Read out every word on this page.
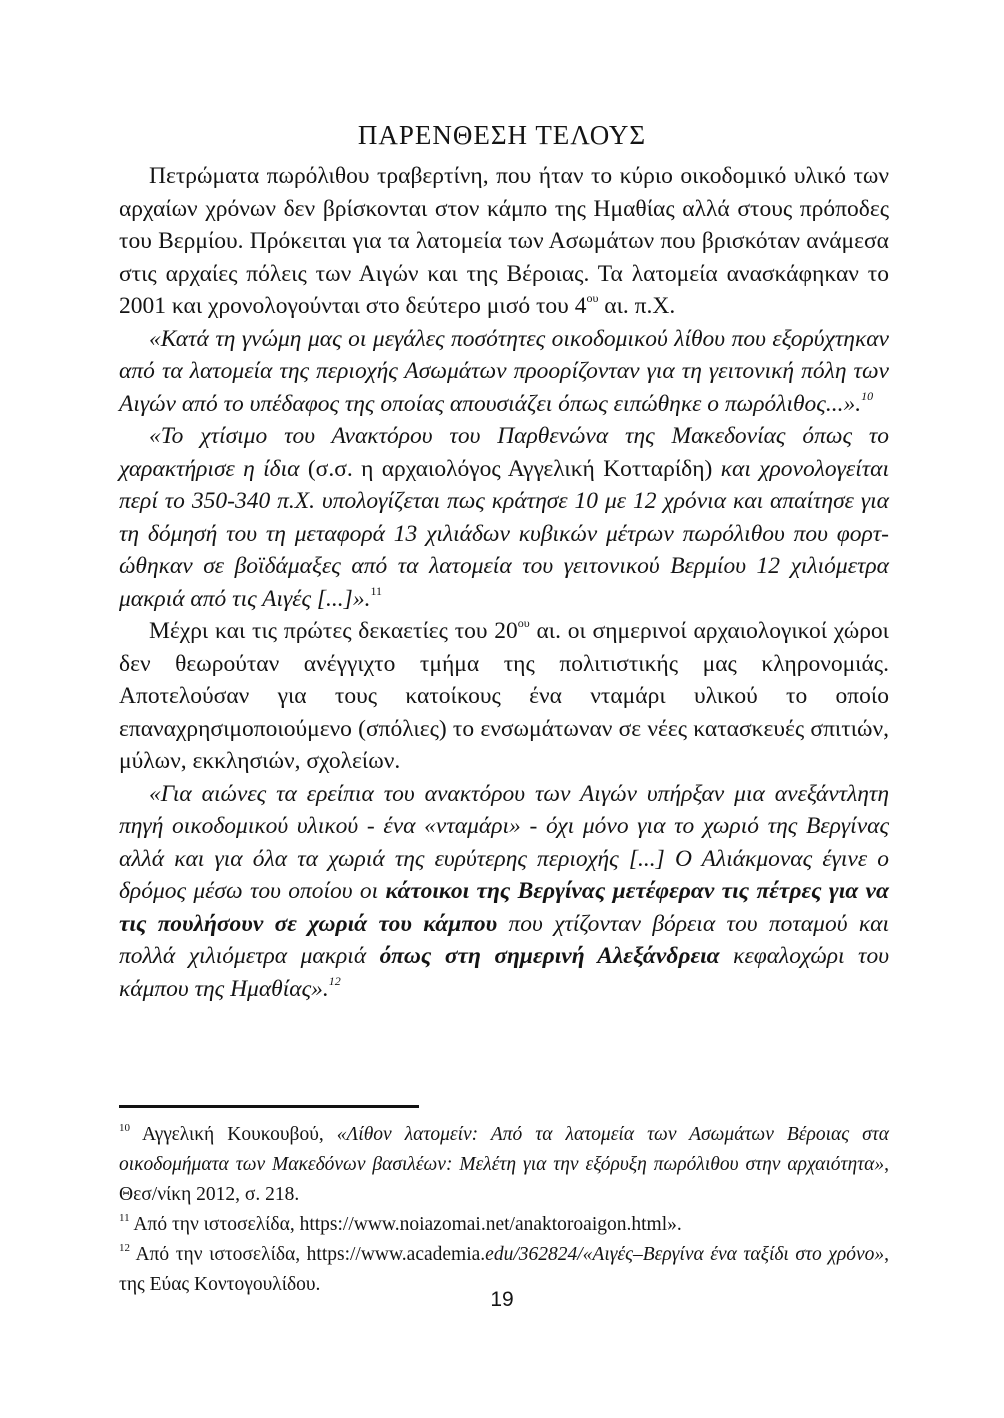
ΠΑΡΕΝΘΕΣΗ ΤΕΛΟΥΣ

Πετρώματα πωρόλιθου τραβερτίνη, που ήταν το κύριο οικοδομικό υλικό των αρχαίων χρόνων δεν βρίσκονται στον κάμπο της Ημαθίας αλλά στους πρόποδες του Βερμίου. Πρόκειται για τα λατομεία των Ασωμάτων που βρισκόταν ανάμεσα στις αρχαίες πόλεις των Αιγών και της Βέροιας. Τα λατομεία ανασκάφηκαν το 2001 και χρονολογούνται στο δεύτερο μισό του $4^{o\upsilon}$ αι. π.Χ.

«Κατά τη γνώμη μας οι μεγάλες ποσότητες οικοδομικού λίθου που εξορύχτηκαν από τα λατομεία της περιοχής Ασωμάτων προορίζονταν για τη γειτονική πόλη των Αιγών από το υπέδαφος της οποίας απουσιάζει όπως ειπώθηκε ο πωρόλιθος...».$^{10}$

«Το χτίσιμο του Ανακτόρου του Παρθενώνα της Μακεδονίας όπως το χαρακτήρισε η ίδια (σ.σ. η αρχαιολόγος Αγγελική Κοτταρίδη) και χρονολογείται περί το 350-340 π.Χ. υπολογίζεται πως κράτησε 10 με 12 χρόνια και απαίτησε για τη δόμησή του τη μεταφορά 13 χιλιάδων κυβικών μέτρων πωρόλιθου που φορτώθηκαν σε βοϊδάμαξες από τα λατομεία του γειτονικού Βερμίου 12 χιλιόμετρα μακριά από τις Αιγές [...]».$^{11}$

Μέχρι και τις πρώτες δεκαετίες του $20^{o\upsilon}$ αι. οι σημερινοί αρχαιολογικοί χώροι δεν θεωρούταν ανέγγιχτο τμήμα της πολιτιστικής μας κληρονομιάς. Αποτελούσαν για τους κατοίκους ένα νταμάρι υλικού το οποίο επαναχρησιμοποιούμενο (σπόλιες) το ενσωμάτωναν σε νέες κατασκευές σπιτιών, μύλων, εκκλησιών, σχολείων.

«Για αιώνες τα ερείπια του ανακτόρου των Αιγών υπήρξαν μια ανεξάντλητη πηγή οικοδομικού υλικού - ένα «νταμάρι» - όχι μόνο για το χωριό της Βεργίνας αλλά και για όλα τα χωριά της ευρύτερης περιοχής [...] Ο Αλιάκμονας έγινε ο δρόμος μέσω του οποίου οι κάτοικοι της Βεργίνας μετέφεραν τις πέτρες για να τις πουλήσουν σε χωριά του κάμπου που χτίζονταν βόρεια του ποταμού και πολλά χιλιόμετρα μακριά όπως στη σημερινή Αλεξάνδρεια κεφαλοχώρι του κάμπου της Ημαθίας».$^{12}$

$^{10}$ Αγγελική Κουκουβού, «Λίθον λατομείν: Από τα λατομεία των Ασωμάτων Βέροιας στα οικοδομήματα των Μακεδόνων βασιλέων: Μελέτη για την εξόρυξη πωρόλιθου στην αρχαιότητα», Θεσ/νίκη 2012, σ. 218.

$^{11}$ Από την ιστοσελίδα, https://www.noiazomai.net/anaktoroaigon.html».

$^{12}$ Από την ιστοσελίδα, https://www.academia.edu/362824/«Αιγές–Βεργίνα ένα ταξίδι στο χρόνο», της Εύας Κοντογουλίδου.

19
